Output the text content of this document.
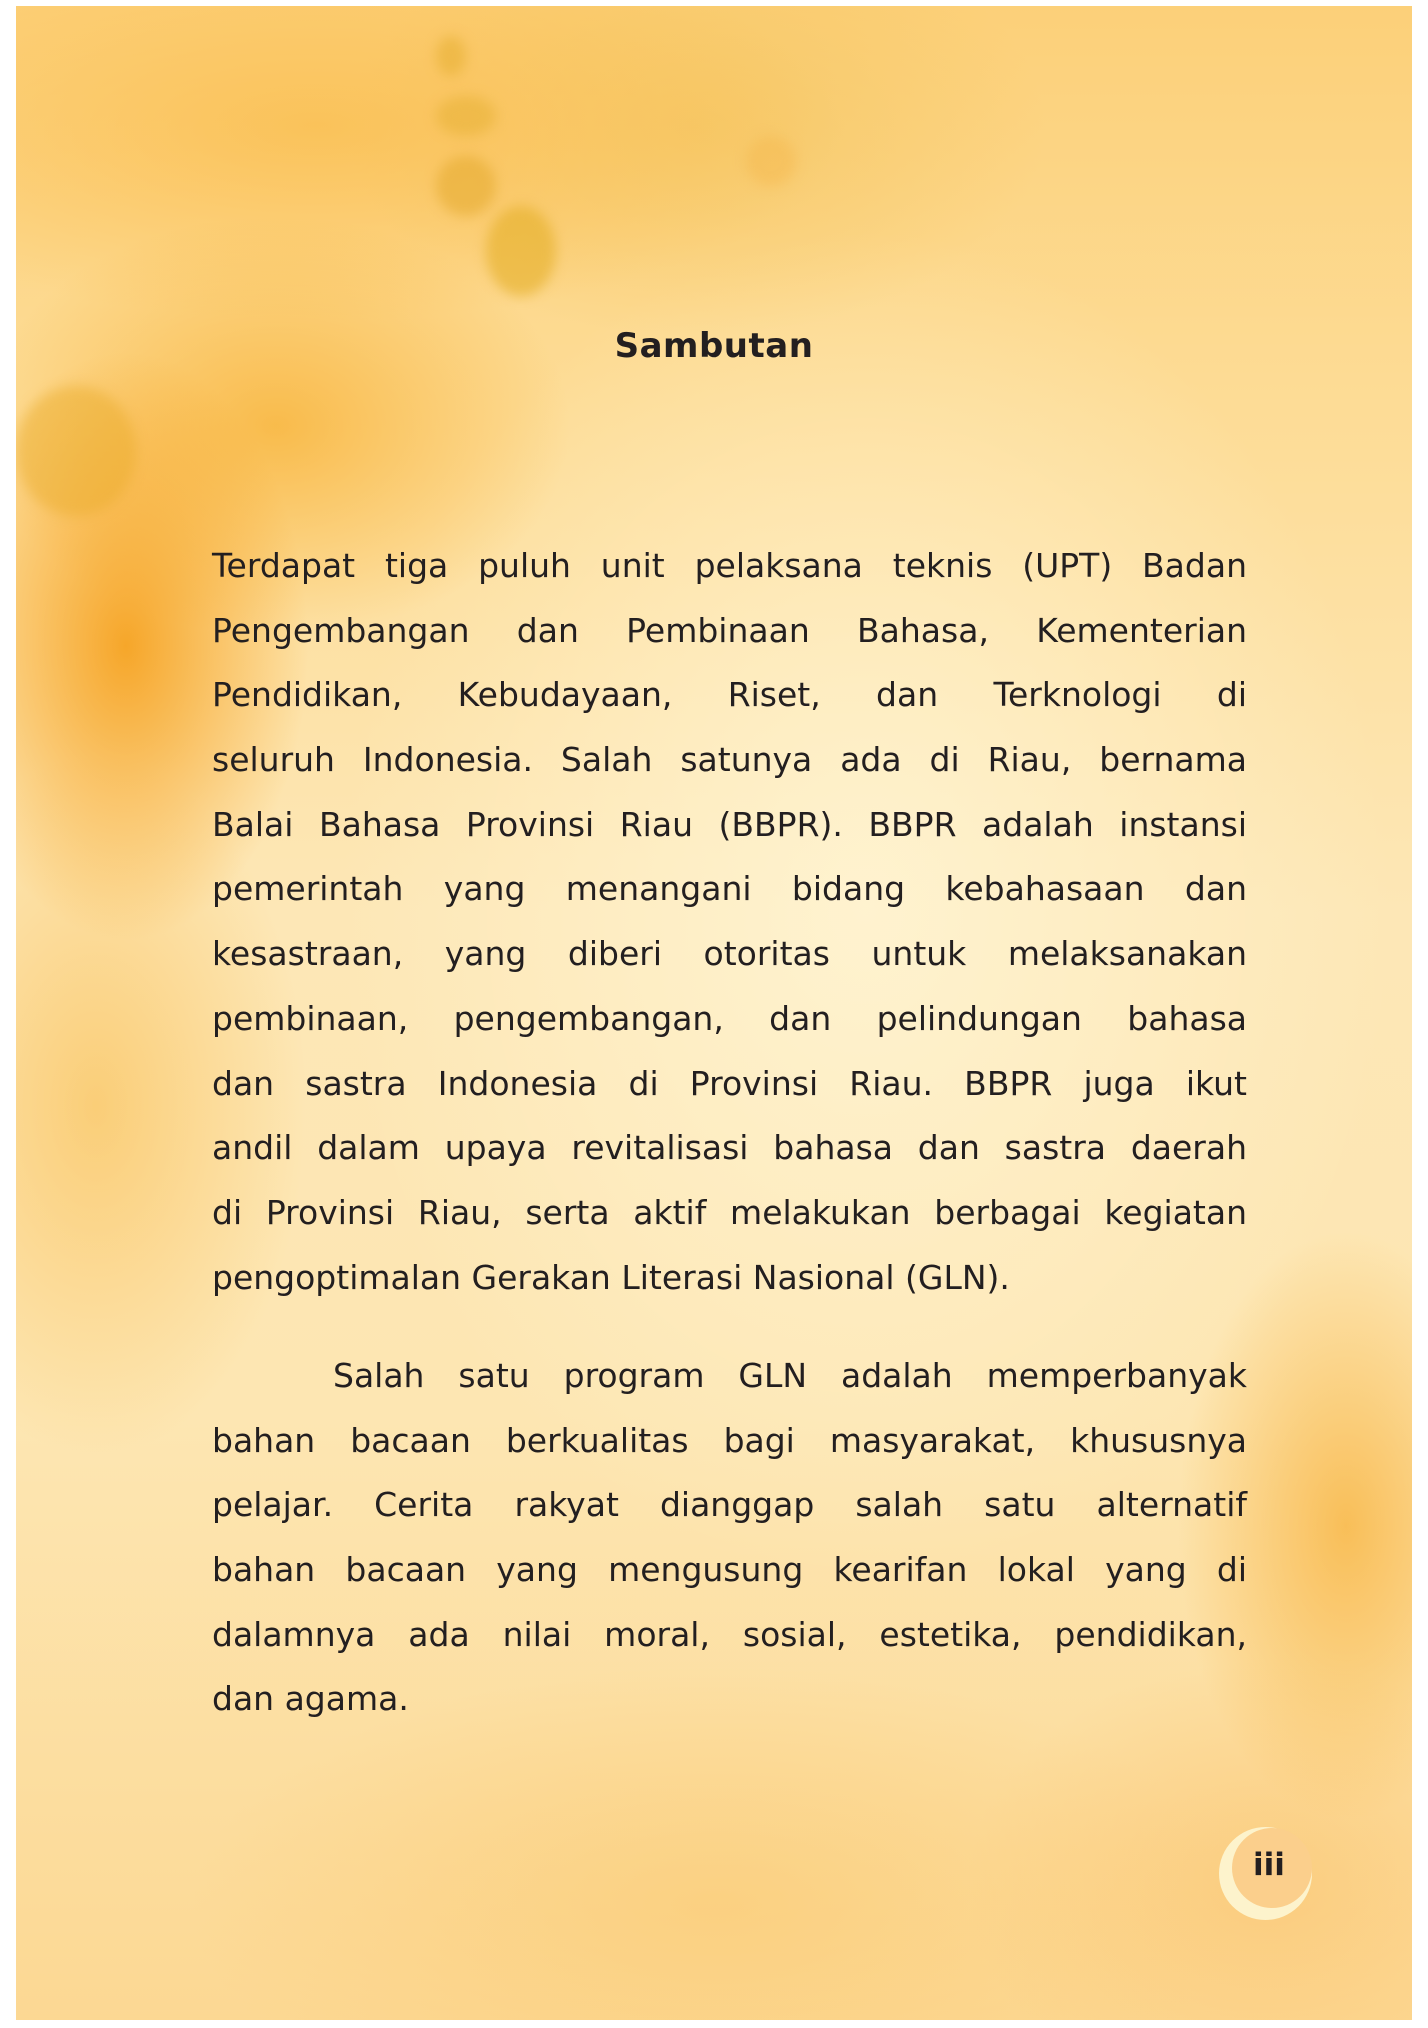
Sambutan
Terdapat tiga puluh unit pelaksana teknis (UPT) Badan
Pengembangan dan Pembinaan Bahasa, Kementerian
Pendidikan, Kebudayaan, Riset, dan Terknologi di
seluruh Indonesia. Salah satunya ada di Riau, bernama
Balai Bahasa Provinsi Riau (BBPR). BBPR adalah instansi
pemerintah yang menangani bidang kebahasaan dan
kesastraan, yang diberi otoritas untuk melaksanakan
pembinaan, pengembangan, dan pelindungan bahasa
dan sastra Indonesia di Provinsi Riau. BBPR juga ikut
andil dalam upaya revitalisasi bahasa dan sastra daerah
di Provinsi Riau, serta aktif melakukan berbagai kegiatan
pengoptimalan Gerakan Literasi Nasional (GLN).
Salah satu program GLN adalah memperbanyak
bahan bacaan berkualitas bagi masyarakat, khususnya
pelajar. Cerita rakyat dianggap salah satu alternatif
bahan bacaan yang mengusung kearifan lokal yang di
dalamnya ada nilai moral, sosial, estetika, pendidikan,
dan agama.
iii
